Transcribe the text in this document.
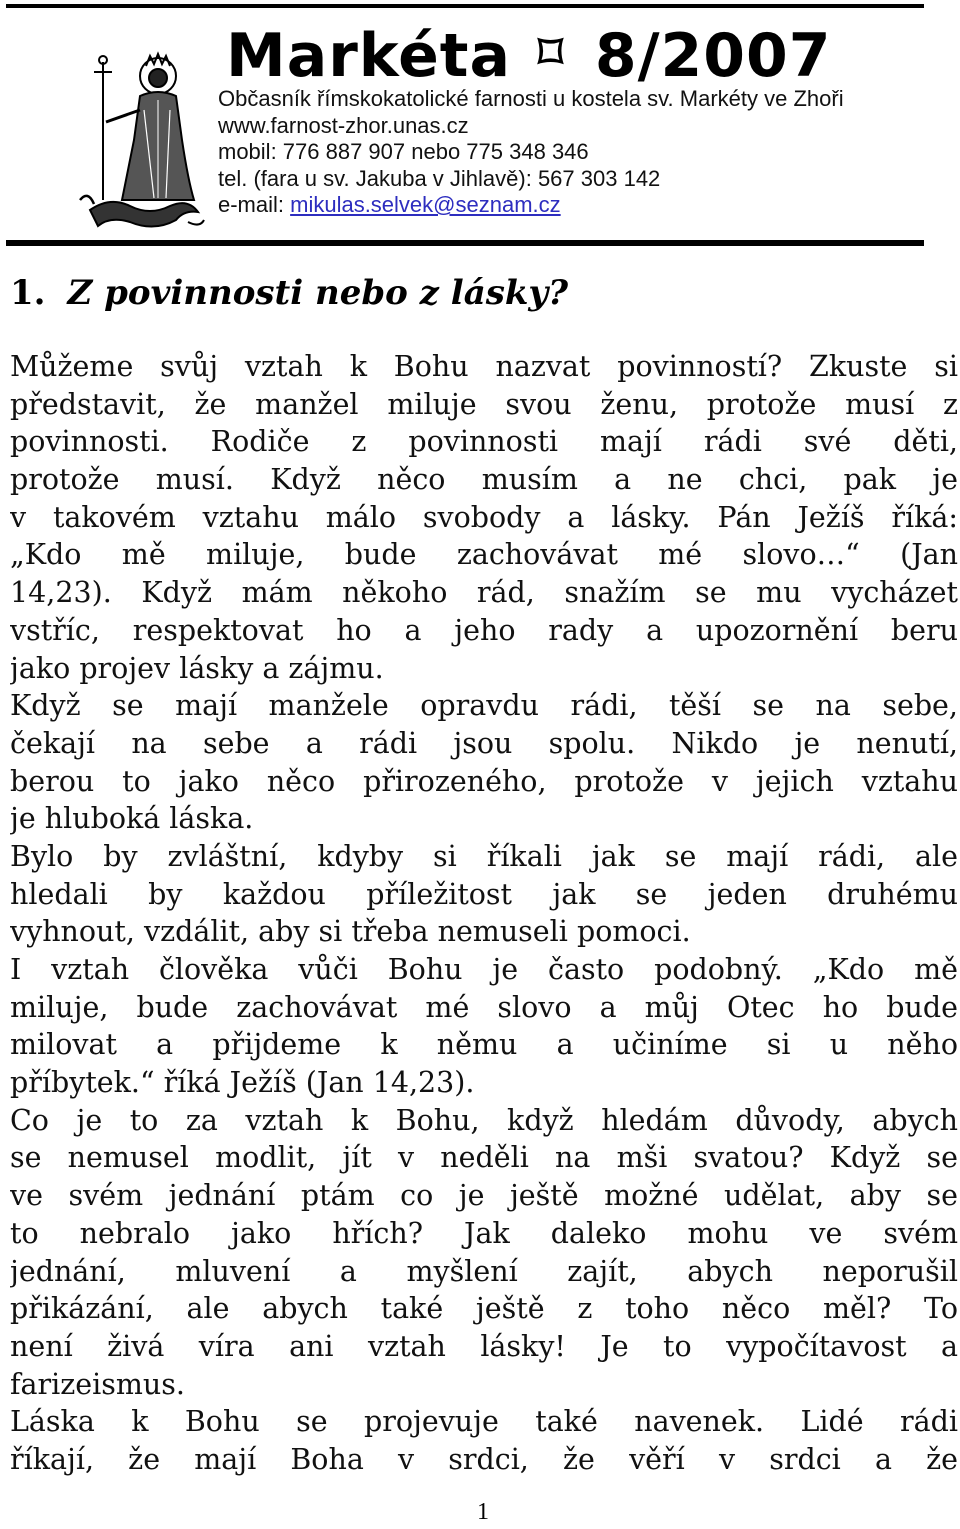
Markéta ⌑ 8/2007
Občasník římskokatolické farnosti u kostela sv. Markéty ve Zhoři
www.farnost-zhor.unas.cz
mobil: 776 887 907 nebo 775 348 346
tel. (fara u sv. Jakuba v Jihlavě): 567 303 142
e-mail: mikulas.selvek@seznam.cz
1. Z povinnosti nebo z lásky?
Můžeme svůj vztah k Bohu nazvat povinností? Zkuste si
představit, že manžel miluje svou ženu, protože musí z
povinnosti. Rodiče z povinnosti mají rádi své děti,
protože musí. Když něco musím a ne chci, pak je
v takovém vztahu málo svobody a lásky. Pán Ježíš říká:
„Kdo mě miluje, bude zachovávat mé slovo…“ (Jan
14,23). Když mám někoho rád, snažím se mu vycházet
vstříc, respektovat ho a jeho rady a upozornění beru
jako projev lásky a zájmu.
Když se mají manžele opravdu rádi, těší se na sebe,
čekají na sebe a rádi jsou spolu. Nikdo je nenutí,
berou to jako něco přirozeného, protože v jejich vztahu
je hluboká láska.
Bylo by zvláštní, kdyby si říkali jak se mají rádi, ale
hledali by každou příležitost jak se jeden druhému
vyhnout, vzdálit, aby si třeba nemuseli pomoci.
I vztah člověka vůči Bohu je často podobný. „Kdo mě
miluje, bude zachovávat mé slovo a můj Otec ho bude
milovat a přijdeme k němu a učiníme si u něho
příbytek.“ říká Ježíš (Jan 14,23).
Co je to za vztah k Bohu, když hledám důvody, abych
se nemusel modlit, jít v neděli na mši svatou? Když se
ve svém jednání ptám co je ještě možné udělat, aby se
to nebralo jako hřích? Jak daleko mohu ve svém
jednání, mluvení a myšlení zajít, abych neporušil
přikázání, ale abych také ještě z toho něco měl? To
není živá víra ani vztah lásky! Je to vypočítavost a
farizeismus.
Láska k Bohu se projevuje také navenek. Lidé rádi
říkají, že mají Boha v srdci, že věří v srdci a že
1
